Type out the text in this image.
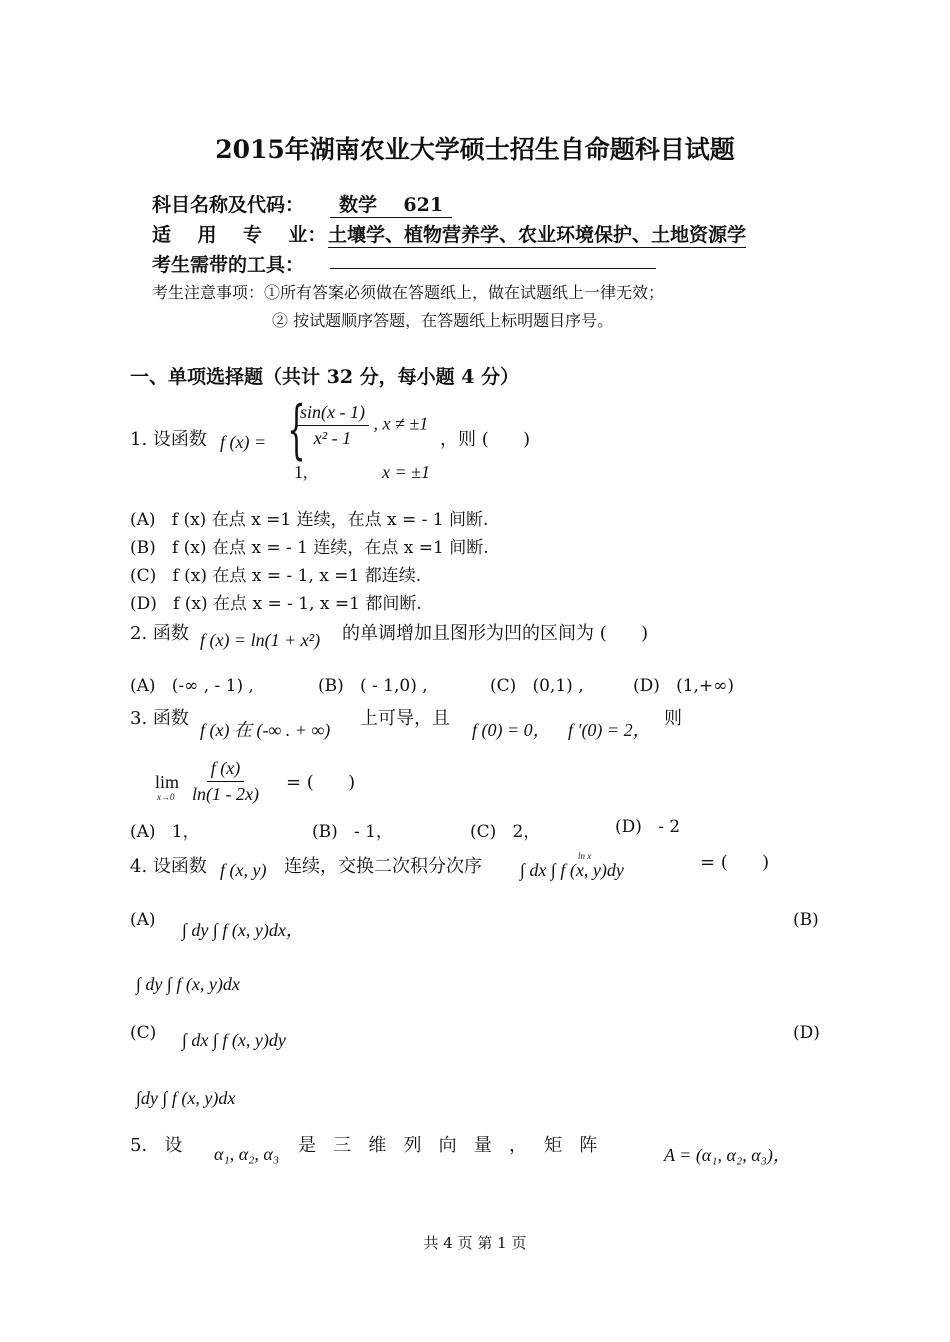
2015年湖南农业大学硕士招生自命题科目试题
科目名称及代码：	数学    621
适    用    专    业： 土壤学、植物营养学、农业环境保护、土地资源学
考生需带的工具：
考生注意事项：①所有答案必须做在答题纸上，做在试题纸上一律无效；
② 按试题顺序答题，在答题纸上标明题目序号。
一、单项选择题（共计 32 分，每小题 4 分）
1. 设函数 f (x) = {
$\frac{\sin(x - 1)}{\text{x² - 1}}$ , x ≠ ±1
1,	x = ±1
，则 (      )
(A)   f (x) 在点 x =1 连续，在点 x = - 1 间断.
(B)   f (x) 在点 x = - 1 连续，在点 x =1 间断.
(C)   f (x) 在点 x = - 1, x =1 都连续.
(D)   f (x) 在点 x = - 1, x =1 都间断.
2. 函数 f (x) = ln(1 + x²) 的单调增加且图形为凹的区间为 (      )
(A)   (-∞ , - 1) ,	(B)   ( - 1,0) ,	(C)   (0,1) ,	(D)   (1,+∞)
3. 函数
f (x) 在 (-∞ . + ∞)
上可导，且
f (0) = 0， f ′(0) = 2，
则
lim
$x\to 0 \frac{f (x)}{\ln(1 - 2x)}$ = (      )
(A)   1，	(B)   - 1，	(C)   2，	(D)   - 2
4. 设函数 f (x, y) 连续，交换二次积分次序 ∫ dx ∫ f (x, y)dy
ln x	= (      )
(A) ∫ dy ∫ f (x, y)dx，	(B)
∫ dy ∫ f (x, y)dx
(C) ∫ dx ∫ f (x, y)dy	(D)
∫dy ∫ f (x, y)dx
5.   设 α₁, α₂, α₃ 是   三   维   列   向   量   ，   矩   阵	A = (α₁, α₂, α₃)，
共 4 页 第 1 页
